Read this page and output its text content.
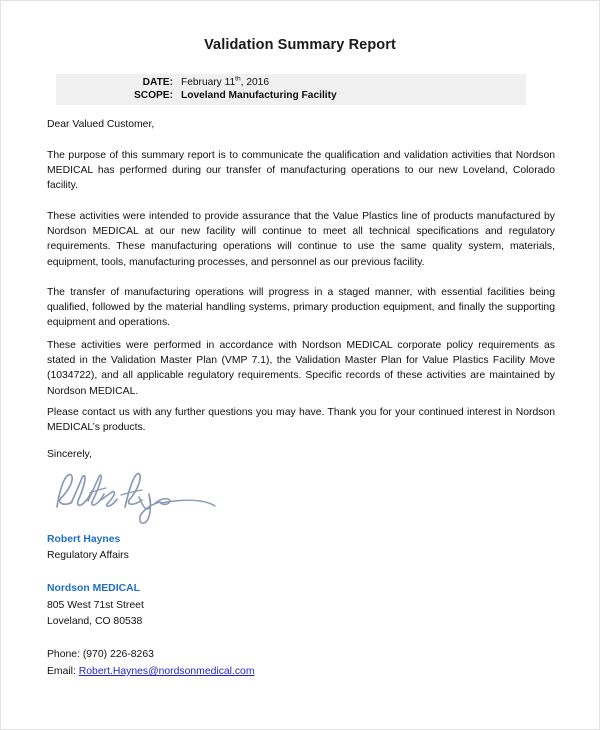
Validation Summary Report
DATE: February 11th, 2016
SCOPE: Loveland Manufacturing Facility
Dear Valued Customer,
The purpose of this summary report is to communicate the qualification and validation activities that Nordson MEDICAL has performed during our transfer of manufacturing operations to our new Loveland, Colorado facility.
These activities were intended to provide assurance that the Value Plastics line of products manufactured by Nordson MEDICAL at our new facility will continue to meet all technical specifications and regulatory requirements. These manufacturing operations will continue to use the same quality system, materials, equipment, tools, manufacturing processes, and personnel as our previous facility.
The transfer of manufacturing operations will progress in a staged manner, with essential facilities being qualified, followed by the material handling systems, primary production equipment, and finally the supporting equipment and operations.
These activities were performed in accordance with Nordson MEDICAL corporate policy requirements as stated in the Validation Master Plan (VMP 7.1), the Validation Master Plan for Value Plastics Facility Move (1034722), and all applicable regulatory requirements. Specific records of these activities are maintained by Nordson MEDICAL.
Please contact us with any further questions you may have. Thank you for your continued interest in Nordson MEDICAL’s products.
Sincerely,
Robert Haynes
Regulatory Affairs
Nordson MEDICAL
805 West 71st Street
Loveland, CO 80538
Phone: (970) 226-8263
Email: Robert.Haynes@nordsonmedical.com
